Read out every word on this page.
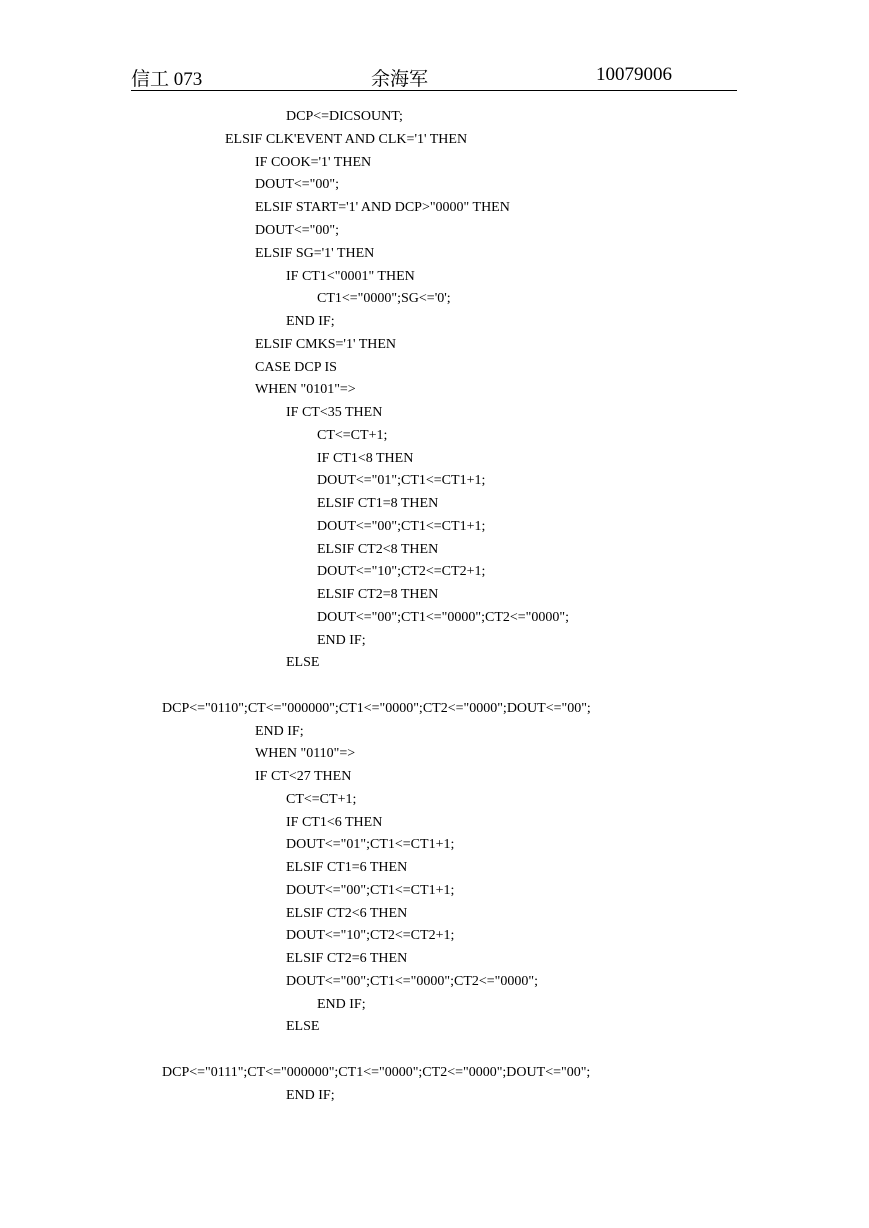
信工 073	余海军	10079006
DCP<=DICSOUNT;
ELSIF CLK'EVENT AND CLK='1' THEN
IF COOK='1' THEN
DOUT<="00";
ELSIF START='1' AND DCP>"0000" THEN
DOUT<="00";
ELSIF SG='1' THEN
IF CT1<"0001" THEN
CT1<="0000";SG<='0';
END IF;
ELSIF CMKS='1' THEN
CASE DCP IS
WHEN "0101"=>
IF CT<35 THEN
CT<=CT+1;
IF CT1<8 THEN
DOUT<="01";CT1<=CT1+1;
ELSIF CT1=8 THEN
DOUT<="00";CT1<=CT1+1;
ELSIF CT2<8 THEN
DOUT<="10";CT2<=CT2+1;
ELSIF CT2=8 THEN
DOUT<="00";CT1<="0000";CT2<="0000";
END IF;
ELSE
DCP<="0110";CT<="000000";CT1<="0000";CT2<="0000";DOUT<="00";
END IF;
WHEN "0110"=>
IF CT<27 THEN
CT<=CT+1;
IF CT1<6 THEN
DOUT<="01";CT1<=CT1+1;
ELSIF CT1=6 THEN
DOUT<="00";CT1<=CT1+1;
ELSIF CT2<6 THEN
DOUT<="10";CT2<=CT2+1;
ELSIF CT2=6 THEN
DOUT<="00";CT1<="0000";CT2<="0000";
END IF;
ELSE
DCP<="0111";CT<="000000";CT1<="0000";CT2<="0000";DOUT<="00";
END IF;
